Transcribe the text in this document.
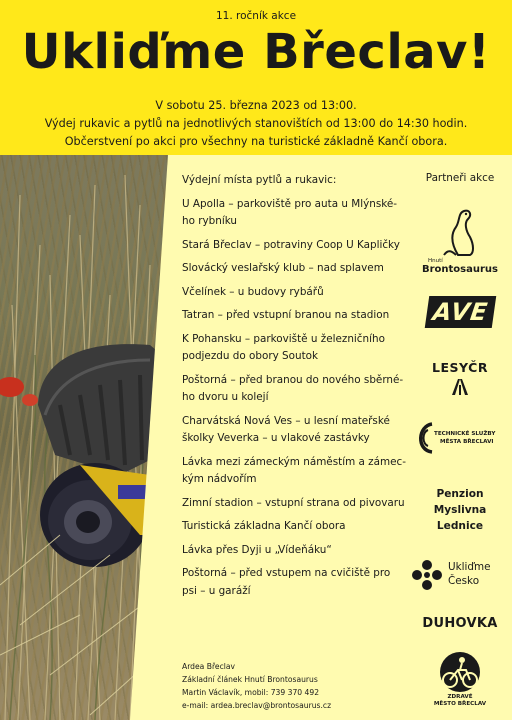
11. ročník akce
Ukliďme Břeclav!
V sobotu 25. března 2023 od 13:00.
Výdej rukavic a pytlů na jednotlivých stanovištích od 13:00 do 14:30 hodin.
Občerstvení po akci pro všechny na turistické základně Kančí obora.
Výdejní místa pytlů a rukavic:
U Apolla – parkoviště pro auta u Mlýnské-
ho rybníku
Stará Břeclav – potraviny Coop U Kapličky
Slovácký veslařský klub – nad splavem
Včelínek – u budovy rybářů
Tatran – před vstupní branou na stadion
K Pohansku – parkoviště u železničního
podjezdu do obory Soutok
Poštorná – před branou do nového sběrné-
ho dvoru u kolejí
Charvátská Nová Ves – u lesní mateřské
školky Veverka – u vlakové zastávky
Lávka mezi zámeckým náměstím a zámec-
kým nádvořím
Zimní stadion – vstupní strana od pivovaru
Turistická základna Kančí obora
Lávka přes Dyji u „Vídeňáku“
Poštorná – před vstupem na cvičiště pro
psi – u garáží
Partneři akce
Hnutí
Brontosaurus
AVE
LESYČR
TECHNICKÉ SLUŽBY
MĚSTA BŘECLAVI
Penzion
Myslivna
Lednice
Ukliďme
Česko
DUHOVKA
ZDRAVÉ
MĚSTO BŘECLAV
Ardea Břeclav
Základní článek Hnutí Brontosaurus
Martin Václavík, mobil: 739 370 492
e-mail: ardea.breclav@brontosaurus.cz
